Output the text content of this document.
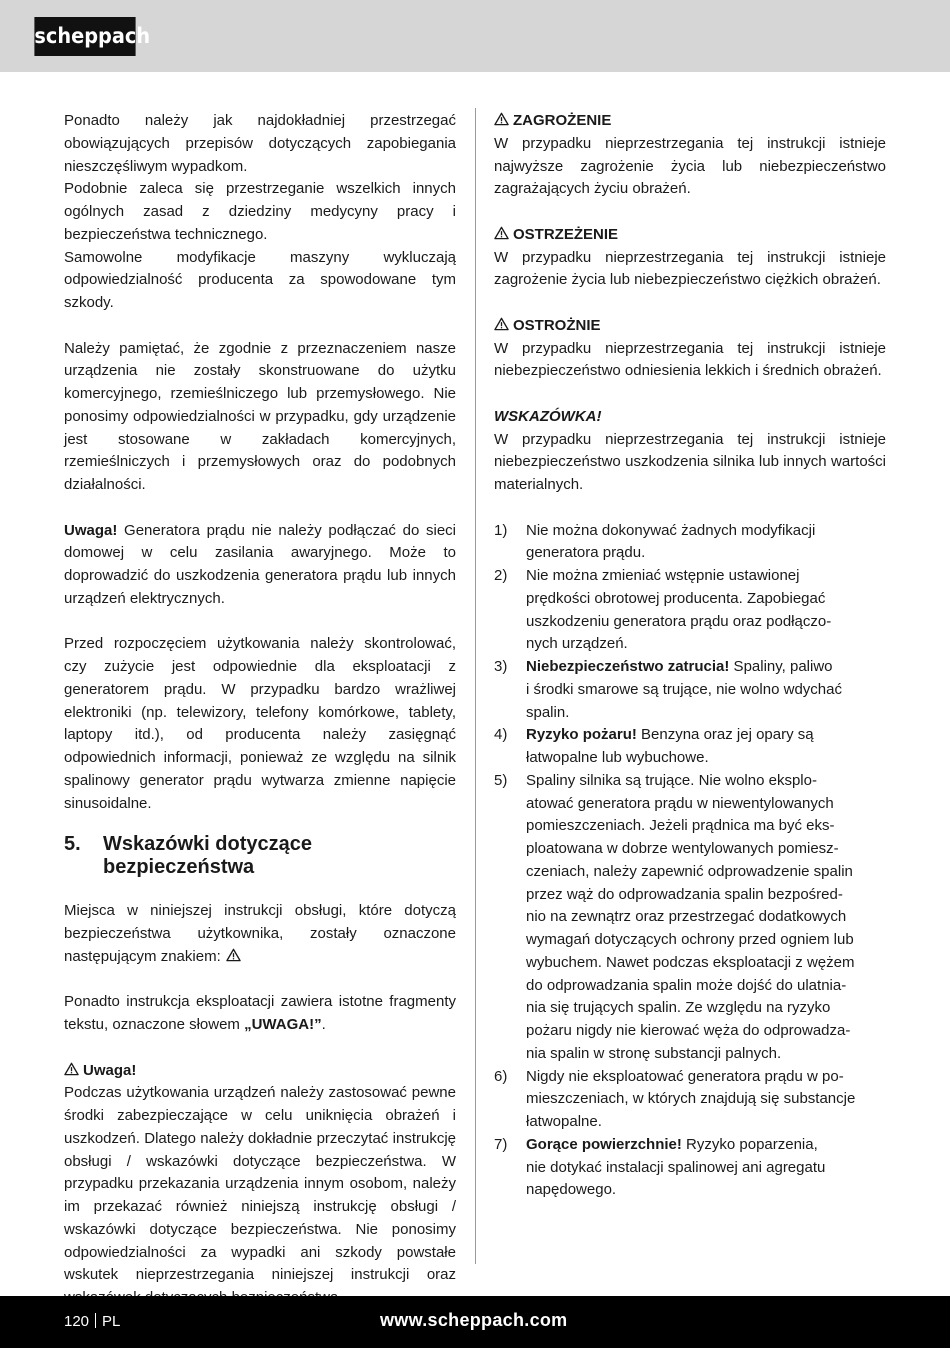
scheppach

Ponadto należy jak najdokładniej przestrzegać obowiązujących przepisów dotyczących zapobiegania nieszczęśliwym wypadkom.

Podobnie zaleca się przestrzeganie wszelkich innych ogólnych zasad z dziedziny medycyny pracy i bezpieczeństwa technicznego.

Samowolne modyfikacje maszyny wykluczają odpowiedzialność producenta za spowodowane tym szkody.

Należy pamiętać, że zgodnie z przeznaczeniem nasze urządzenia nie zostały skonstruowane do użytku komercyjnego, rzemieślniczego lub przemysłowego. Nie ponosimy odpowiedzialności w przypadku, gdy urządzenie jest stosowane w zakładach komercyjnych, rzemieślniczych i przemysłowych oraz do podobnych działalności.

Uwaga! Generatora prądu nie należy podłączać do sieci domowej w celu zasilania awaryjnego. Może to doprowadzić do uszkodzenia generatora prądu lub innych urządzeń elektrycznych.

Przed rozpoczęciem użytkowania należy skontrolować, czy zużycie jest odpowiednie dla eksploatacji z generatorem prądu. W przypadku bardzo wrażliwej elektroniki (np. telewizory, telefony komórkowe, tablety, laptopy itd.), od producenta należy zasięgnąć odpowiednich informacji, ponieważ ze względu na silnik spalinowy generator prądu wytwarza zmienne napięcie sinusoidalne.

5.	Wskazówki dotyczące bezpieczeństwa

Miejsca w niniejszej instrukcji obsługi, które dotyczą bezpieczeństwa użytkownika, zostały oznaczone następującym znakiem:

Ponadto instrukcja eksploatacji zawiera istotne fragmenty tekstu, oznaczone słowem „UWAGA!”.

Uwaga!

Podczas użytkowania urządzeń należy zastosować pewne środki zabezpieczające w celu uniknięcia obrażeń i uszkodzeń. Dlatego należy dokładnie przeczytać instrukcję obsługi / wskazówki dotyczące bezpieczeństwa. W przypadku przekazania urządzenia innym osobom, należy im przekazać również niniejszą instrukcję obsługi / wskazówki dotyczące bezpieczeństwa. Nie ponosimy odpowiedzialności za wypadki ani szkody powstałe wskutek nieprzestrzegania niniejszej instrukcji oraz

ZAGROŻENIE

W przypadku nieprzestrzegania tej instrukcji istnieje najwyższe zagrożenie życia lub niebezpieczeństwo zagrażających życiu obrażeń.

OSTRZEŻENIE

W przypadku nieprzestrzegania tej instrukcji istnieje zagrożenie życia lub niebezpieczeństwo ciężkich obrażeń.

OSTROŻNIE

W przypadku nieprzestrzegania tej instrukcji istnieje niebezpieczeństwo odniesienia lekkich i średnich obrażeń.

WSKAZÓWKA!

W przypadku nieprzestrzegania tej instrukcji istnieje niebezpieczeństwo uszkodzenia silnika lub innych wartości materialnych.

1)	Nie można dokonywać żadnych modyfikacji
generatora prądu.
2)	Nie można zmieniać wstępnie ustawionej
prędkości obrotowej producenta. Zapobiegać
uszkodzeniu generatora prądu oraz podłączo-
nych urządzeń.
3)	Niebezpieczeństwo zatrucia! Spaliny, paliwo
i środki smarowe są trujące, nie wolno wdychać
spalin.
4)	Ryzyko pożaru! Benzyna oraz jej opary są
łatwopalne lub wybuchowe.
5)	Spaliny silnika są trujące. Nie wolno eksplo-
atować generatora prądu w niewentylowanych
pomieszczeniach. Jeżeli prądnica ma być eks-
ploatowana w dobrze wentylowanych pomiesz-
czeniach, należy zapewnić odprowadzenie spalin
przez wąż do odprowadzania spalin bezpośred-
nio na zewnątrz oraz przestrzegać dodatkowych
wymagań dotyczących ochrony przed ogniem lub
wybuchem. Nawet podczas eksploatacji z wężem
do odprowadzania spalin może dojść do ulatnia-
nia się trujących spalin. Ze względu na ryzyko
pożaru nigdy nie kierować węża do odprowadza-
nia spalin w stronę substancji palnych.
6)	Nigdy nie eksploatować generatora prądu w po-
mieszczeniach, w których znajdują się substancje
łatwopalne.
7)	Gorące powierzchnie! Ryzyko poparzenia,
nie dotykać instalacji spalinowej ani agregatu
napędowego.
120 PL	www.scheppach.com
